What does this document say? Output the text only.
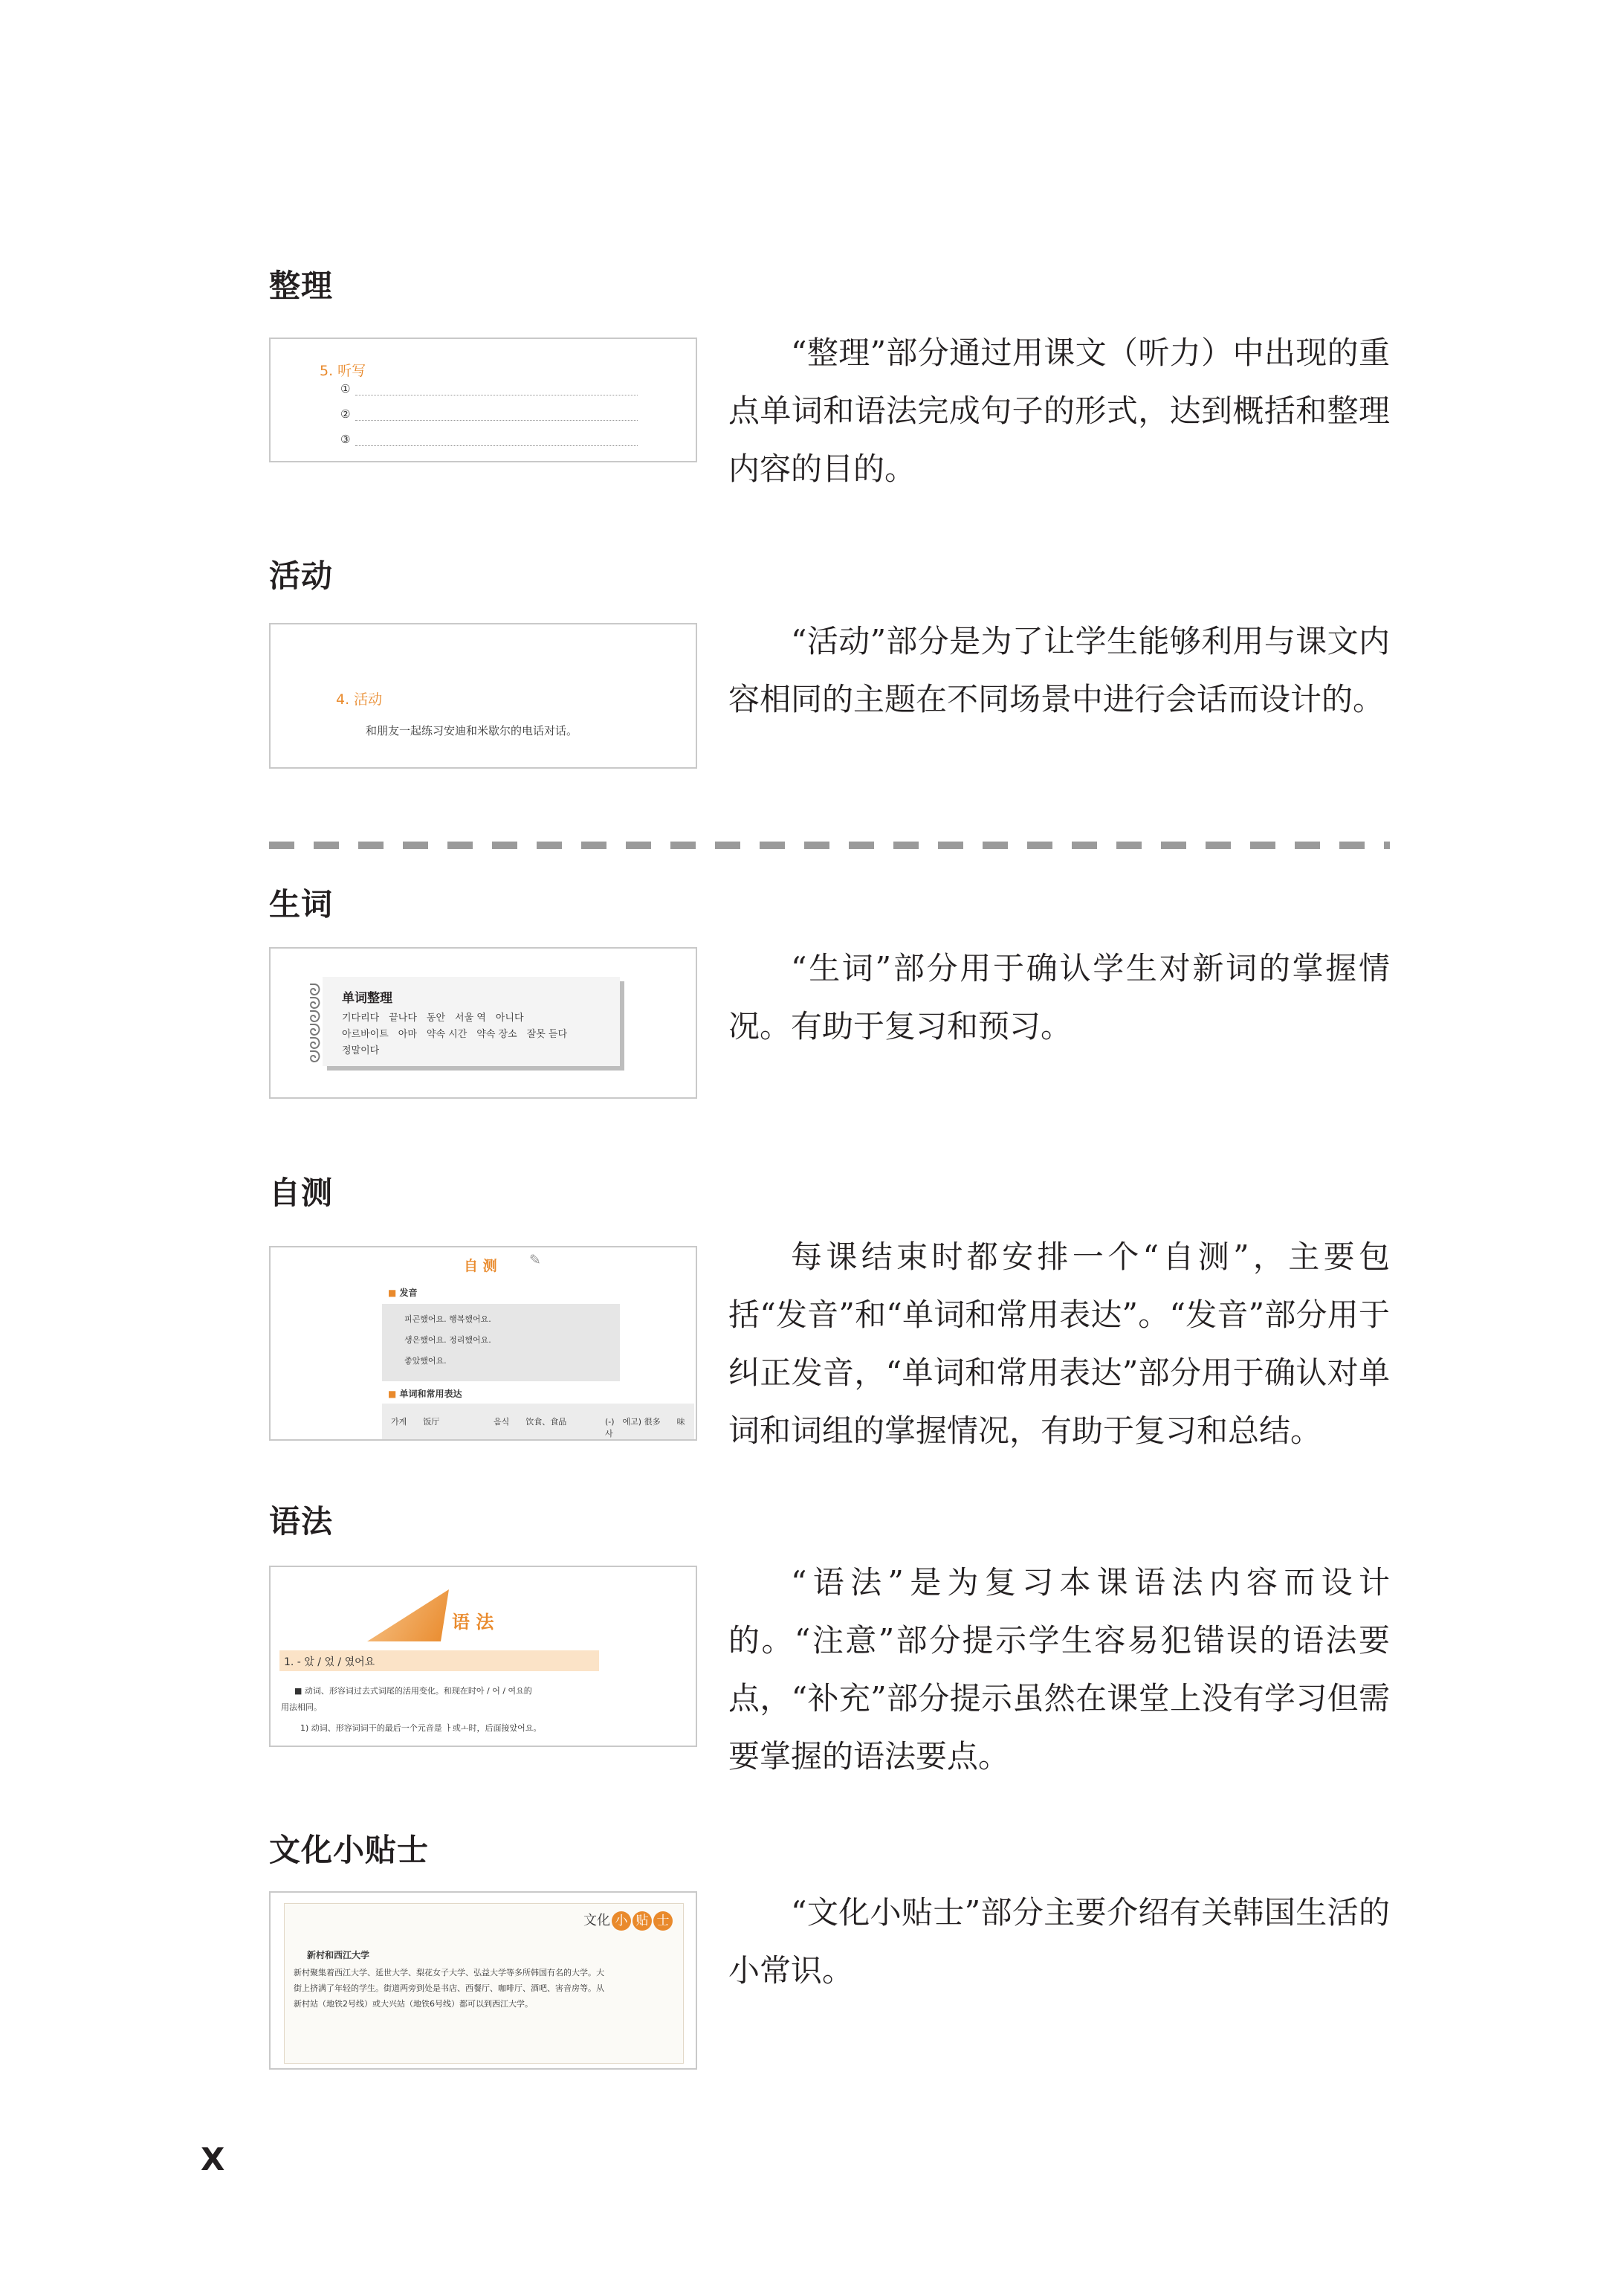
整理
5. 听写
①
②
③

“整理”部分通过用课文（听力）中出现的重点单词和语法完成句子的形式，达到概括和整理内容的目的。

活动
4. 活动
和朋友一起练习安迪和米歇尔的电话对话。

“活动”部分是为了让学生能够利用与课文内容相同的主题在不同场景中进行会话而设计的。

生词
ᘐ
ᘐ
ᘐ
ᘐ
ᘐ
ᘐ
单词整理
기다리다　끝나다　동안　서울 역　아니다
아르바이트　아마　약속 시간　약속 장소　잘못 듣다
정말이다

“生词”部分用于确认学生对新词的掌握情况。有助于复习和预习。

自测
自 测 ✎
■ 发音
피곤했어요. 행복했어요.
생은했어요. 정리했어요.
좋았했어요.
■ 单词和常用表达
가게　　饭厅	음식　　饮食、食品	(-)　에고) 很多　　味 사

每课结束时都安排一个“自测”，主要包括“发音”和“单词和常用表达”。“发音”部分用于纠正发音，“单词和常用表达”部分用于确认对单词和词组的掌握情况，有助于复习和总结。

语法
语 法
1. - 았 / 었 / 였어요
■ 动词、形容词过去式词尾的活用变化。和现在时아 / 어 / 여요的
用法相同。
1) 动词、形容词词干的最后一个元音是 ㅏ或ㅗ时，后面接았어요。

“语法”是为复习本课语法内容而设计的。“注意”部分提示学生容易犯错误的语法要点，“补充”部分提示虽然在课堂上没有学习但需要掌握的语法要点。

文化小贴士
文化 小 贴 士
新村和西江大学
新村聚集着西江大学、延世大学、梨花女子大学、弘益大学等多所韩国有名的大学。大街上挤满了年轻的学生。街道两旁到处是书店、西餐厅、咖啡厅、酒吧、害音房等。从新村站（地铁2号线）或大兴站（地铁6号线）都可以到西江大学。

“文化小贴士”部分主要介绍有关韩国生活的小常识。

X
